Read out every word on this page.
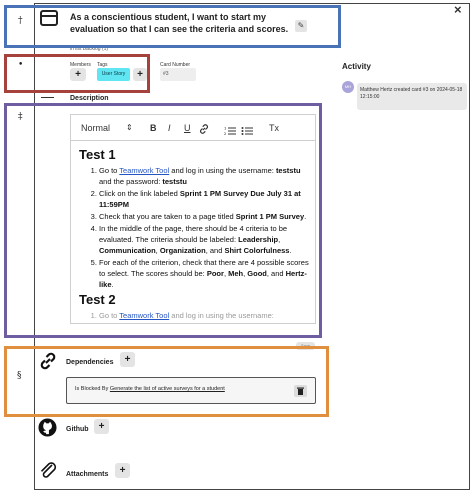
†
•
‡
§
As a conscientious student, I want to start my evaluation so that I can see the criteria and scores.	✎
×
in list Backlog (1)
Members
+
Tags
User Story	+
Card Number
#3
Activity
MH
Matthew Hertz created card #3 on 2024-05-18 12:15:00
Description
Normal ⇕ B I U	1
2
Tx
Test 1
1. Go to Teamwork Tool and log in using the username: teststu and the password: teststu
2. Click on the link labeled Sprint 1 PM Survey Due July 31 at 11:59PM
3. Check that you are taken to a page titled Sprint 1 PM Survey.
4. In the middle of the page, there should be 4 criteria to be evaluated. The criteria should be labeled: Leadership, Communication, Organization, and Shirt Colorfulness.
5. For each of the criterion, check that there are 4 possible scores to select. The scores should be: Poor, Meh, Good, and Hertz-like.
Test 2
1. Go to Teamwork Tool and log in using the username:
Save
Dependencies	+
Is Blocked By Generate the list of active surveys for a student
Github	+
Attachments	+
